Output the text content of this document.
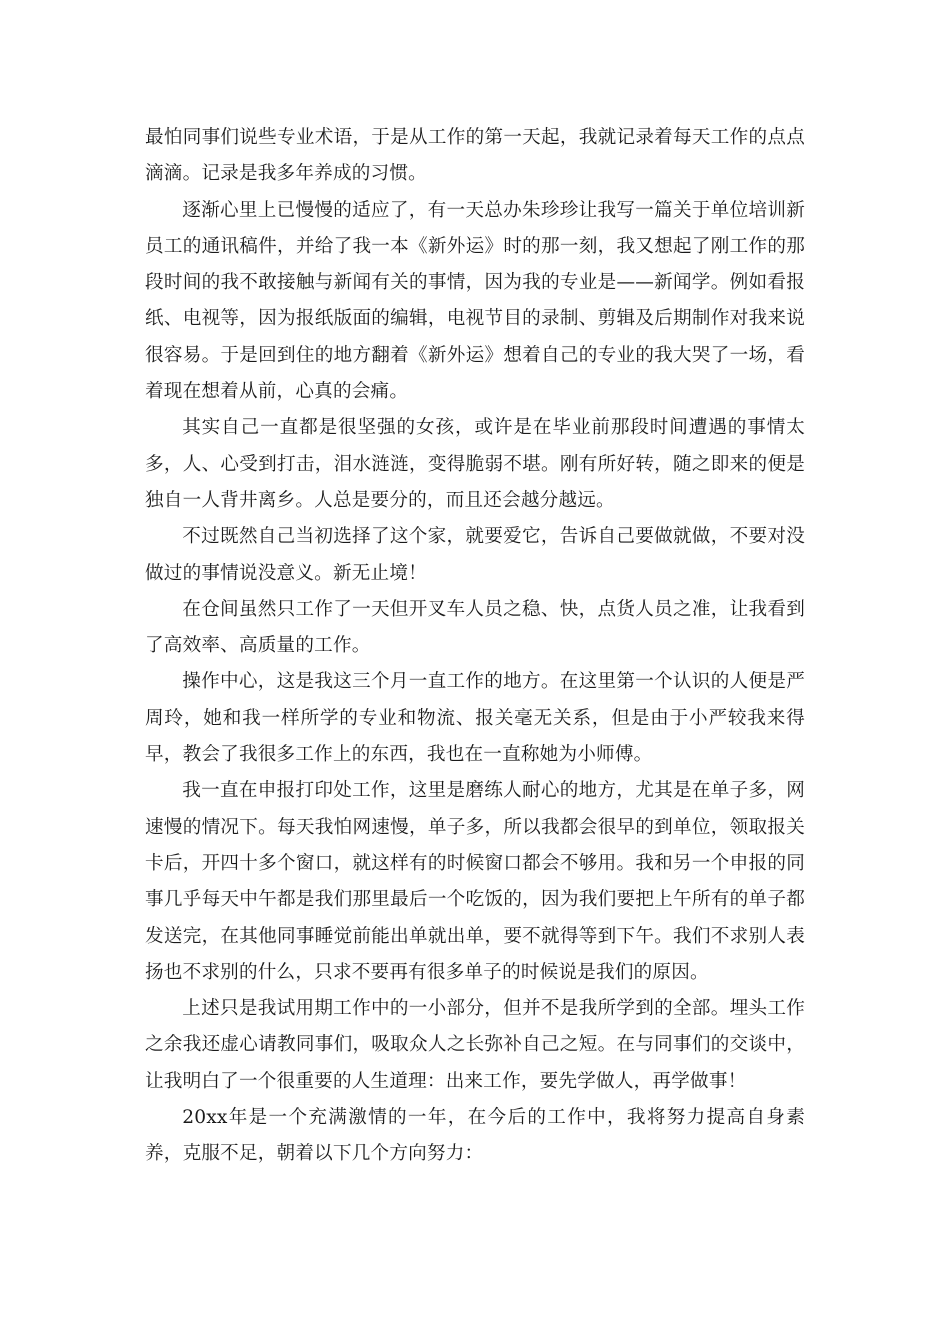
最怕同事们说些专业术语，于是从工作的第一天起，我就记录着每天工作的点点滴滴。记录是我多年养成的习惯。

逐渐心里上已慢慢的适应了，有一天总办朱珍珍让我写一篇关于单位培训新员工的通讯稿件，并给了我一本《新外运》时的那一刻，我又想起了刚工作的那段时间的我不敢接触与新闻有关的事情，因为我的专业是——新闻学。例如看报纸、电视等，因为报纸版面的编辑，电视节目的录制、剪辑及后期制作对我来说很容易。于是回到住的地方翻着《新外运》想着自己的专业的我大哭了一场，看着现在想着从前，心真的会痛。

其实自己一直都是很坚强的女孩，或许是在毕业前那段时间遭遇的事情太多，人、心受到打击，泪水涟涟，变得脆弱不堪。刚有所好转，随之即来的便是独自一人背井离乡。人总是要分的，而且还会越分越远。

不过既然自己当初选择了这个家，就要爱它，告诉自己要做就做，不要对没做过的事情说没意义。新无止境！

在仓间虽然只工作了一天但开叉车人员之稳、快，点货人员之准，让我看到了高效率、高质量的工作。

操作中心，这是我这三个月一直工作的地方。在这里第一个认识的人便是严周玲，她和我一样所学的专业和物流、报关毫无关系，但是由于小严较我来得早，教会了我很多工作上的东西，我也在一直称她为小师傅。

我一直在申报打印处工作，这里是磨练人耐心的地方，尤其是在单子多，网速慢的情况下。每天我怕网速慢，单子多，所以我都会很早的到单位，领取报关卡后，开四十多个窗口，就这样有的时候窗口都会不够用。我和另一个申报的同事几乎每天中午都是我们那里最后一个吃饭的，因为我们要把上午所有的单子都发送完，在其他同事睡觉前能出单就出单，要不就得等到下午。我们不求别人表扬也不求别的什么，只求不要再有很多单子的时候说是我们的原因。

上述只是我试用期工作中的一小部分，但并不是我所学到的全部。埋头工作之余我还虚心请教同事们，吸取众人之长弥补自己之短。在与同事们的交谈中，让我明白了一个很重要的人生道理：出来工作，要先学做人，再学做事！

20xx年是一个充满激情的一年，在今后的工作中，我将努力提高自身素养，克服不足，朝着以下几个方向努力：
